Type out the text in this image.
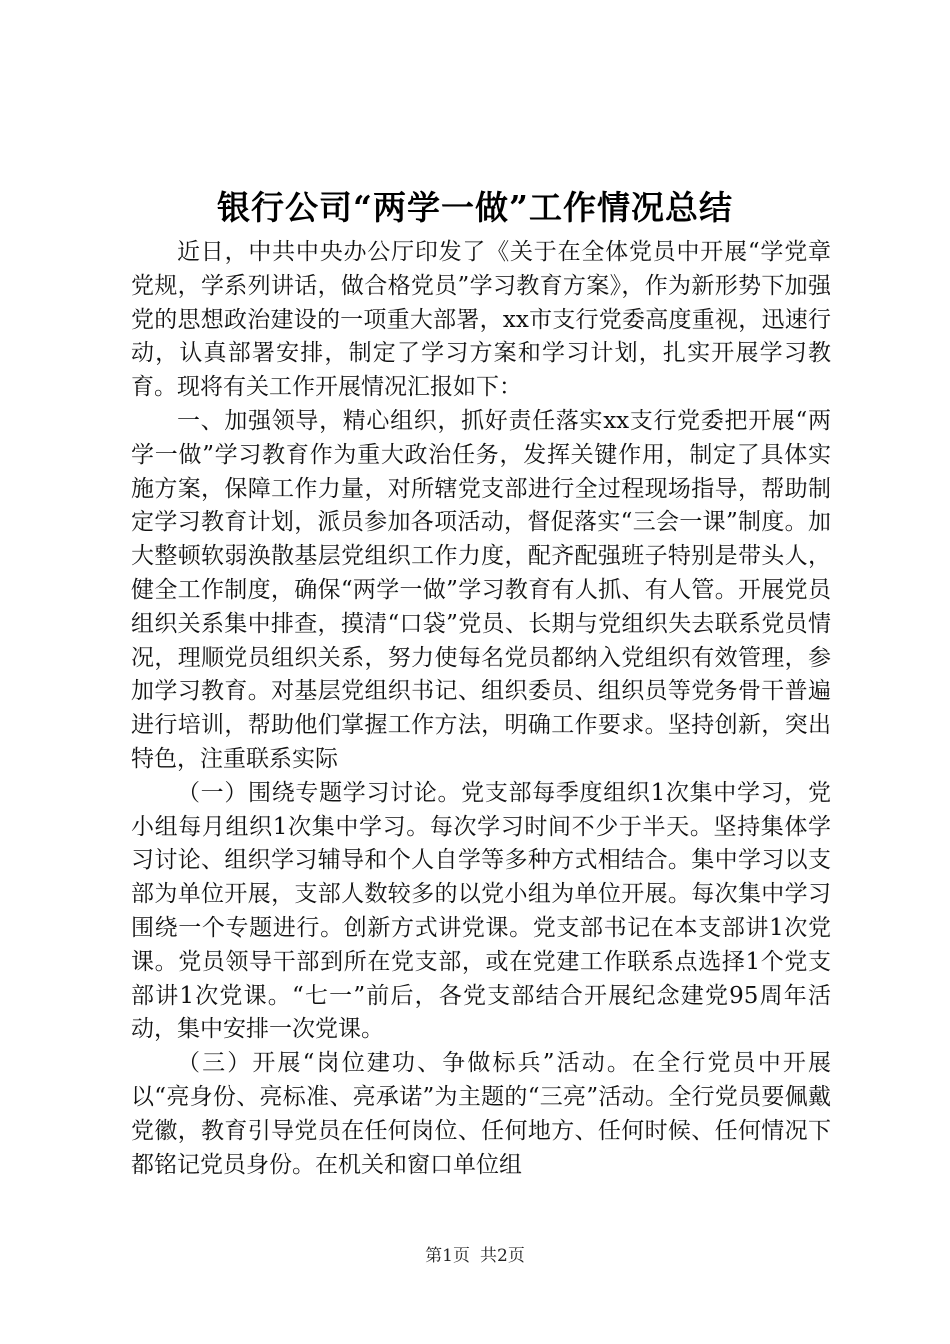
银行公司“两学一做”工作情况总结

近日，中共中央办公厅印发了《关于在全体党员中开展“学党章党规，学系列讲话，做合格党员”学习教育方案》，作为新形势下加强党的思想政治建设的一项重大部署，xx市支行党委高度重视，迅速行动，认真部署安排，制定了学习方案和学习计划，扎实开展学习教育。现将有关工作开展情况汇报如下：

一、加强领导，精心组织，抓好责任落实xx支行党委把开展“两学一做”学习教育作为重大政治任务，发挥关键作用，制定了具体实施方案，保障工作力量，对所辖党支部进行全过程现场指导，帮助制定学习教育计划，派员参加各项活动，督促落实“三会一课”制度。加大整顿软弱涣散基层党组织工作力度，配齐配强班子特别是带头人，健全工作制度，确保“两学一做”学习教育有人抓、有人管。开展党员组织关系集中排查，摸清“口袋”党员、长期与党组织失去联系党员情况，理顺党员组织关系，努力使每名党员都纳入党组织有效管理，参加学习教育。对基层党组织书记、组织委员、组织员等党务骨干普遍进行培训，帮助他们掌握工作方法，明确工作要求。坚持创新，突出特色，注重联系实际

（一）围绕专题学习讨论。党支部每季度组织1次集中学习，党小组每月组织1次集中学习。每次学习时间不少于半天。坚持集体学习讨论、组织学习辅导和个人自学等多种方式相结合。集中学习以支部为单位开展，支部人数较多的以党小组为单位开展。每次集中学习围绕一个专题进行。创新方式讲党课。党支部书记在本支部讲1次党课。党员领导干部到所在党支部，或在党建工作联系点选择1个党支部讲1次党课。“七一”前后，各党支部结合开展纪念建党95周年活动，集中安排一次党课。

（三）开展“岗位建功、争做标兵”活动。在全行党员中开展以“亮身份、亮标准、亮承诺”为主题的“三亮”活动。全行党员要佩戴党徽，教育引导党员在任何岗位、任何地方、任何时候、任何情况下都铭记党员身份。在机关和窗口单位组

第1页 共2页
